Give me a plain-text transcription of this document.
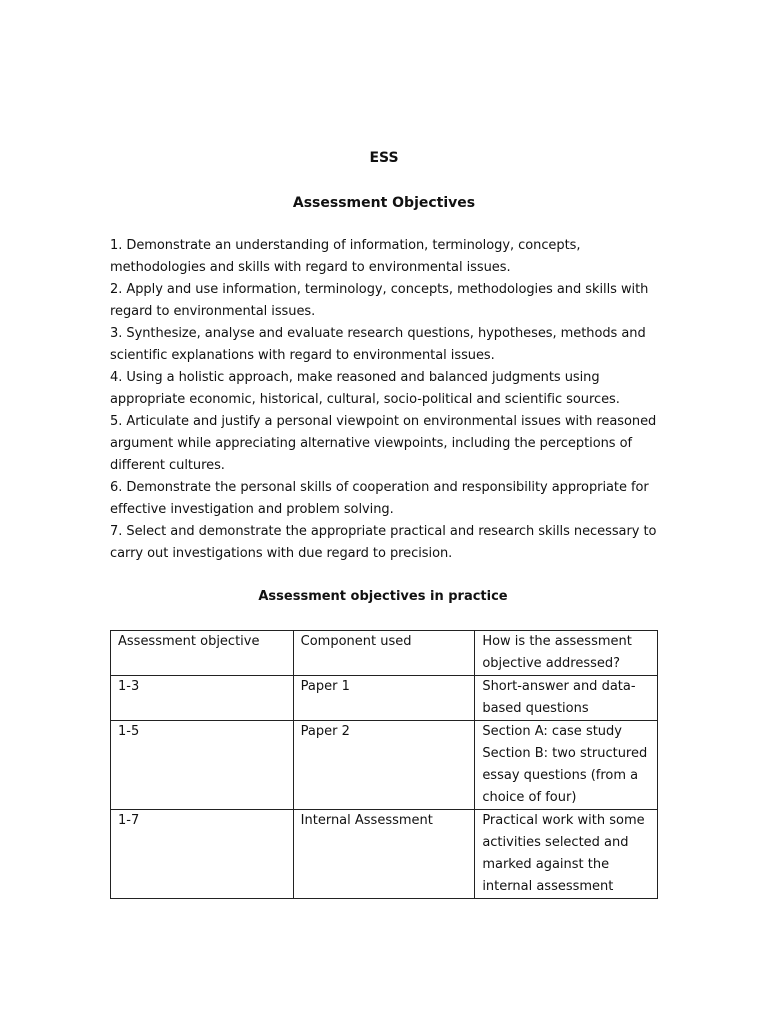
ESS
Assessment Objectives
1. Demonstrate an understanding of information, terminology, concepts, methodologies and skills with regard to environmental issues.
2. Apply and use information, terminology, concepts, methodologies and skills with regard to environmental issues.
3. Synthesize, analyse and evaluate research questions, hypotheses, methods and scientific explanations with regard to environmental issues.
4. Using a holistic approach, make reasoned and balanced judgments using appropriate economic, historical, cultural, socio-political and scientific sources.
5. Articulate and justify a personal viewpoint on environmental issues with reasoned argument while appreciating alternative viewpoints, including the perceptions of different cultures.
6. Demonstrate the personal skills of cooperation and responsibility appropriate for effective investigation and problem solving.
7. Select and demonstrate the appropriate practical and research skills necessary to carry out investigations with due regard to precision.
Assessment objectives in practice
Assessment objective	Component used	How is the assessment objective addressed?
1-3	Paper 1	Short-answer and data-based questions
1-5	Paper 2	Section A: case study Section B: two structured essay questions (from a choice of four)
1-7	Internal Assessment	Practical work with some activities selected and marked against the internal assessment
